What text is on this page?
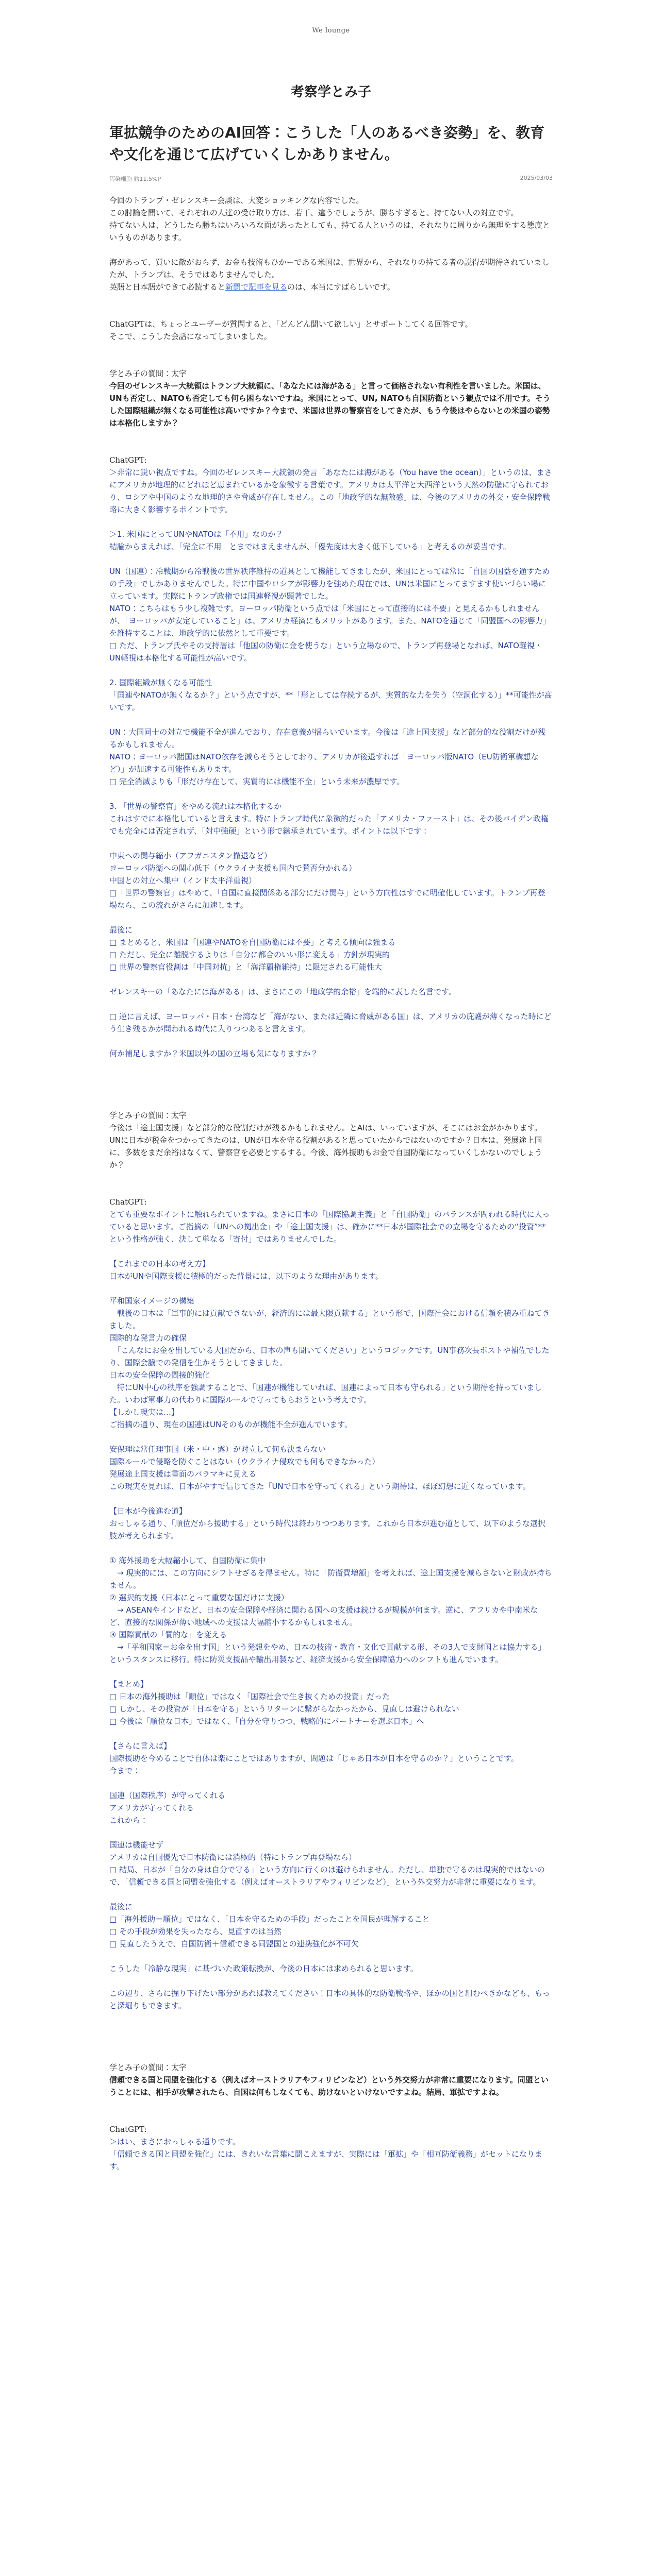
We lounge
考察学とみ子
軍拡競争のためのAI回答：こうした「人のあるべき姿勢」を、教育や文化を通じて広げていくしかありません。
汚染細胞 約11.5%P	2025/03/03

今回のトランプ・ゼレンスキー会談は、大変ショッキングな内容でした。
この討論を聞いて、それぞれの人達の受け取り方は、若干、違うでしょうが、勝ちすぎると、持てない人の対立です。
持てない人は、どうしたら勝ちはいろいろな面があったとしても、持てる人というのは、それなりに周りから無理をする態度というものがあります。

海があって、買いに敵がおらず、お金も技術もひかーである米国は、世界から、それなりの持てる者の説得が期待されていましたが、トランプは、そうではありませんでした。
英語と日本語ができて必読すると新聞で記事を見るのは、本当にすばらしいです。

ChatGPTは、ちょっとユーザーが質問すると、「どんどん聞いて欲しい」とサポートしてくる回答です。
そこで、こうした会話になってしまいました。

学とみ子の質問：太字

今回のゼレンスキー大統領はトランプ大統領に、「あなたには海がある」と言って価格されない有利性を言いました。米国は、UNも否定し、NATOも否定しても何ら困らないですね。米国にとって、UN, NATOも自国防衛という観点では不用です。そうした国際組織が無くなる可能性は高いですか？今まで、米国は世界の警察官をしてきたが、もう今後はやらないとの米国の姿勢は本格化しますか？

ChatGPT:

＞非常に鋭い視点ですね。今回のゼレンスキー大統領の発言「あなたには海がある（You have the ocean）」というのは、まさにアメリカが地理的にどれほど恵まれているかを象徴する言葉です。アメリカは太平洋と大西洋という天然の防壁に守られており、ロシアや中国のような地理的さや脅威が存在しません。この「地政学的な無敵感」は、今後のアメリカの外交・安全保障戦略に大きく影響するポイントです。

＞1. 米国にとってUNやNATOは「不用」なのか？
結論からまえれば、「完全に不用」とまではまえませんが、「優先度は大きく低下している」と考えるのが妥当です。

UN（国連）：冷戦期から冷戦後の世界秩序維持の道具として機能してきましたが、米国にとっては常に「自国の国益を通すための手段」でしかありませんでした。特に中国やロシアが影響力を強めた現在では、UNは米国にとってますます使いづらい場に立っています。実際にトランプ政権では国連軽視が顕著でした。
NATO：こちらはもう少し複雑です。ヨーロッパ防衛という点では「米国にとって直接的には不要」と見えるかもしれませんが、「ヨーロッパが安定していること」は、アメリカ経済にもメリットがあります。また、NATOを通じて「同盟国への影響力」を維持することは、地政学的に依然として重要です。
□ ただ、トランプ氏やその支持層は「他国の防衛に金を使うな」という立場なので、トランプ再登場となれば、NATO軽視・UN軽視は本格化する可能性が高いです。

2. 国際組織が無くなる可能性
「国連やNATOが無くなるか？」という点ですが、**「形としては存続するが、実質的な力を失う（空洞化する）」**可能性が高いです。

UN：大国同士の対立で機能不全が進んでおり、存在意義が揺らいでいます。今後は「途上国支援」など部分的な役割だけが残るかもしれません。
NATO：ヨーロッパ諸国はNATO依存を減らそうとしており、アメリカが後退すれば「ヨーロッパ版NATO（EU防衛軍構想など）」が加速する可能性もあります。
□ 完全消滅よりも「形だけ存在して、実質的には機能不全」という未来が濃厚です。

3. 「世界の警察官」をやめる流れは本格化するか
これはすでに本格化していると言えます。特にトランプ時代に象徴的だった「アメリカ・ファースト」は、その後バイデン政権でも完全には否定されず、「対中強硬」という形で継承されています。ポイントは以下です：

中東への関与縮小（アフガニスタン撤退など）
ヨーロッパ防衛への関心低下（ウクライナ支援も国内で賛否分かれる）
中国との対立へ集中（インド太平洋重視）
□「世界の警察官」はやめて、「自国に直接関係ある部分にだけ関与」という方向性はすでに明確化しています。トランプ再登場なら、この流れがさらに加速します。

最後に

□ まとめると、米国は「国連やNATOを自国防衛には不要」と考える傾向は強まる
□ ただし、完全に離脱するよりは「自分に都合のいい形に変える」方針が現実的
□ 世界の警察官役割は「中国対抗」と「海洋覇権維持」に限定される可能性大

ゼレンスキーの「あなたには海がある」は、まさにこの「地政学的余裕」を端的に表した名言です。

□ 逆に言えば、ヨーロッパ・日本・台湾など「海がない、または近隣に脅威がある国」は、アメリカの庇護が薄くなった時にどう生き残るかが問われる時代に入りつつあると言えます。

何か補足しますか？米国以外の国の立場も気になりますか？

学とみ子の質問：太字

今後は「途上国支援」など部分的な役割だけが残るかもしれません。とAIは、いっていますが、そこにはお金がかかります。UNに日本が税金をつかってきたのは、UNが日本を守る役割があると思っていたからではないのですか？日本は、発展途上国に、多数をまだ余裕はなくて、警察官を必要とするする。今後、海外援助もお金で自国防衛になっていくしかないのでしょうか？

ChatGPT:

とても重要なポイントに触れられていますね。まさに日本の「国際協調主義」と「自国防衛」のバランスが問われる時代に入っていると思います。ご指摘の「UNへの拠出金」や「途上国支援」は、確かに**日本が国際社会での立場を守るための“投資”**という性格が強く、決して単なる「寄付」ではありませんでした。

【これまでの日本の考え方】
日本がUNや国際支援に積極的だった背景には、以下のような理由があります。

平和国家イメージの構築
　戦後の日本は「軍事的には貢献できないが、経済的には最大限貢献する」という形で、国際社会における信頼を積み重ねてきました。
国際的な発言力の確保
　「こんなにお金を出している大国だから、日本の声も聞いてください」というロジックです。UN事務次長ポストや補佐でしたり、国際会議での発信を生かそうとしてきました。
日本の安全保障の間接的強化
　特にUN中心の秩序を強調することで、「国連が機能していれば、国連によって日本も守られる」という期待を持っていました。いわば軍事力の代わりに国際ルールで守ってもらおうという考えです。
【しかし現実は…】
ご指摘の通り、現在の国連はUNそのものが機能不全が進んでいます。

安保理は常任理事国（米・中・露）が対立して何も決まらない
国際ルールで侵略を防ぐことはない（ウクライナ侵攻でも何もできなかった）
発展途上国支援は書面のバラマキに見える
この現実を見れば、日本がやすで信じてきた「UNで日本を守ってくれる」という期待は、ほぼ幻想に近くなっています。

【日本が今後進む道】
おっしゃる通り、「順位だから援助する」という時代は終わりつつあります。これから日本が進む道として、以下のような選択肢が考えられます。

① 海外援助を大幅縮小して、自国防衛に集中
　→ 現実的には、この方向にシフトせざるを得ません。特に「防衛費増額」を考えれば、途上国支援を減らさないと財政が持ちません。
② 選択的支援（日本にとって重要な国だけに支援）
　→ ASEANやインドなど、日本の安全保障や経済に関わる国への支援は続けるが規模が何ます。逆に、アフリカや中南米など、直接的な関係が薄い地域への支援は大幅縮小するかもしれません。
③ 国際貢献の「質的な」を変える
　→「平和国家＝お金を出す国」という発想をやめ、日本の技術・教育・文化で貢献する形、その3人で支財国とは協力する」というスタンスに移行。特に防災支援品や輸出用製など、経済支援から安全保障協力へのシフトも進んでいます。

【まとめ】
□ 日本の海外援助は「順位」ではなく「国際社会で生き抜くための投資」だった
□ しかし、その投資が「日本を守る」というリターンに繋がらなかったから、見直しは避けられない
□ 今後は「順位な日本」ではなく、「自分を守りつつ、戦略的にパートナーを選ぶ日本」へ

【さらに言えば】
国際援助を今めることで自体は楽にことではありますが、問題は「じゃあ日本が日本を守るのか？」ということです。
今まで：

国連（国際秩序）が守ってくれる
アメリカが守ってくれる
これから：

国連は機能せず
アメリカは自国優先で日本防衛には消極的（特にトランプ再登場なら）
□ 結局、日本が「自分の身は自分で守る」という方向に行くのは避けられません。ただし、単独で守るのは現実的ではないので、「信頼できる国と同盟を強化する（例えばオーストラリアやフィリピンなど）」という外交努力が非常に重要になります。

最後に

□「海外援助＝順位」ではなく、「日本を守るための手段」だったことを国民が理解すること
□ その手段が効果を失ったなら、見直すのは当然
□ 見直したうえで、自国防衛＋信頼できる同盟国との連携強化が不可欠

こうした「冷静な現実」に基づいた政策転換が、今後の日本には求められると思います。

この辺り、さらに掘り下げたい部分があれば教えてください！日本の具体的な防衛戦略や、ほかの国と組むべきかなども、もっと深堀りもできます。

学とみ子の質問：太字

信頼できる国と同盟を強化する（例えばオーストラリアやフィリピンなど）という外交努力が非常に重要になります。同盟ということには、相手が攻撃されたら、自国は何もしなくても、助けないといけないですよね。結局、軍拡ですよね。

ChatGPT:

＞はい、まさにおっしゃる通りです。
「信頼できる国と同盟を強化」には、きれいな言葉に聞こえますが、実際には「軍拡」や「相互防衛義務」がセットになります。
